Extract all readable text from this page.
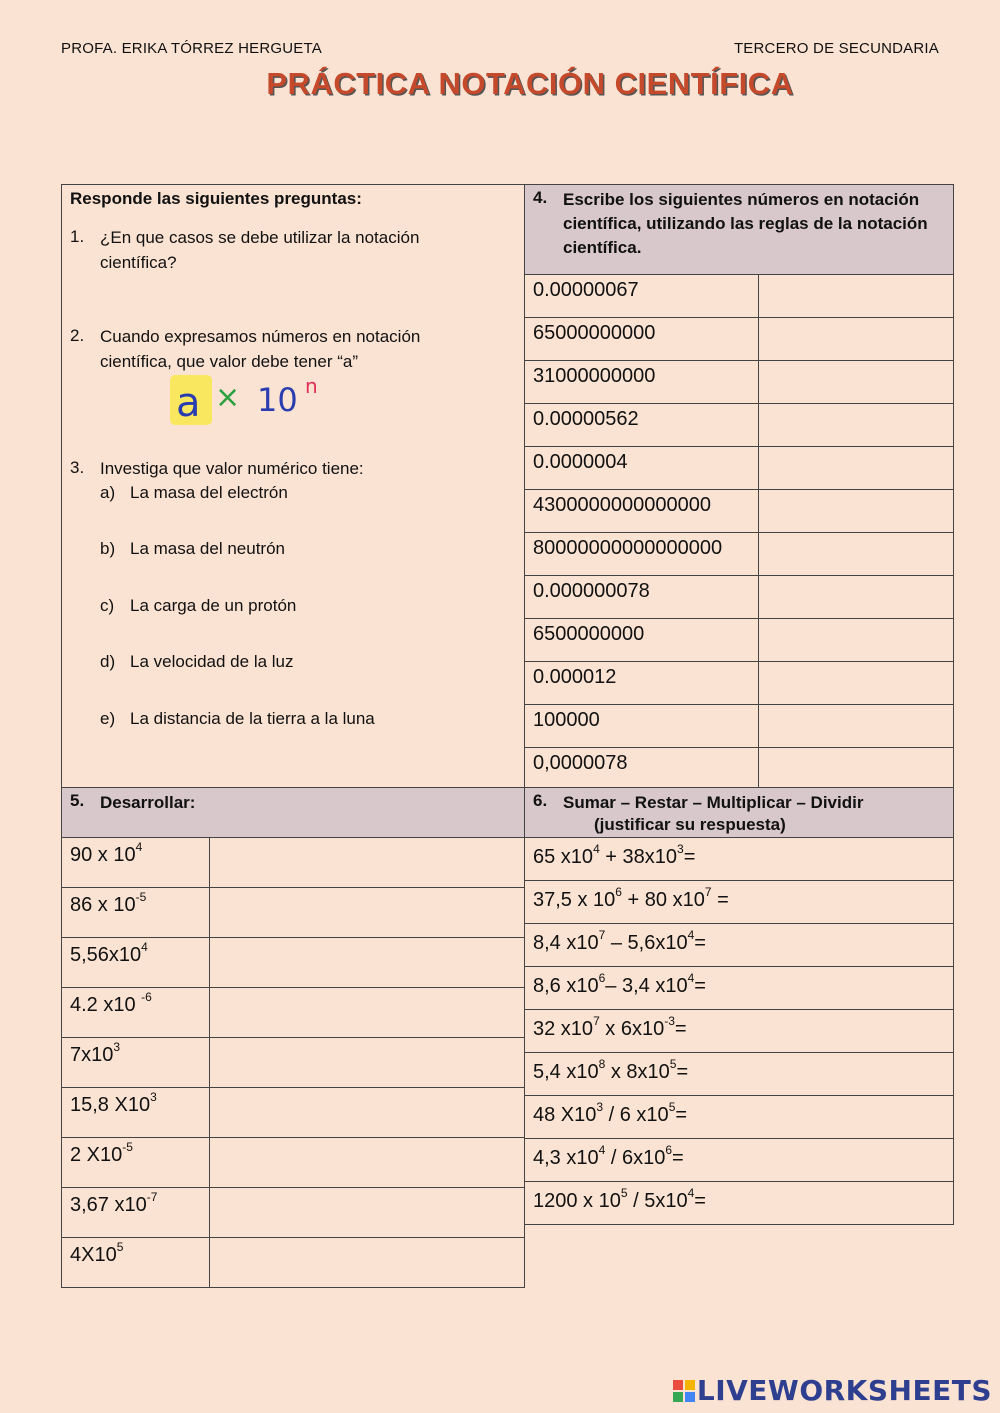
PROFA. ERIKA TÓRREZ HERGUETA	TERCERO DE SECUNDARIA
PRÁCTICA NOTACIÓN CIENTÍFICA
Responde las siguientes preguntas:
1. ¿En que casos se debe utilizar la notación científica?
2. Cuando expresamos números en notación científica, que valor debe tener “a”
3. Investiga que valor numérico tiene:
a) La masa del electrón
b) La masa del neutrón
c) La carga de un protón
d) La velocidad de la luz
e) La distancia de la tierra a la luna
a × 10 n
4. Escribe los siguientes números en notación científica, utilizando las reglas de la notación científica.
0.00000067	
65000000000	
31000000000	
0.00000562	
0.0000004	
4300000000000000	
80000000000000000	
0.000000078	
6500000000	
0.000012	
100000	
0,0000078	
5. Desarrollar:	6. Sumar – Restar – Multiplicar – Dividir
(justificar su respuesta)
90 x $10^4$	
86 x $10^{-5}$	
$5,56x10^4$	
4.2 x10 $^{-6}$	
$7x10^3$	
15,8 $X10^3$	
2 $X10^{-5}$	
3,67 $x10^{-7}$	
$4X10^5$	
65 $x10^4 + 38x10^3=$
37,5 x $10^6 + 80$ $x10^7$ =
8,4 $x10^7 - 5,6x10^4=$
8,6 $x10^6-$ 3,4 $x10^4=$
32 $x10^7$ x $6x10^{-3}=$
5,4 $x10^8$ x $8x10^5=$
48 $X10^3 / 6$ $x10^5=$
4,3 $x10^4 / 6x10^6=$
1200 x $10^5 / 5x10^4=$
LIVEWORKSHEETS
